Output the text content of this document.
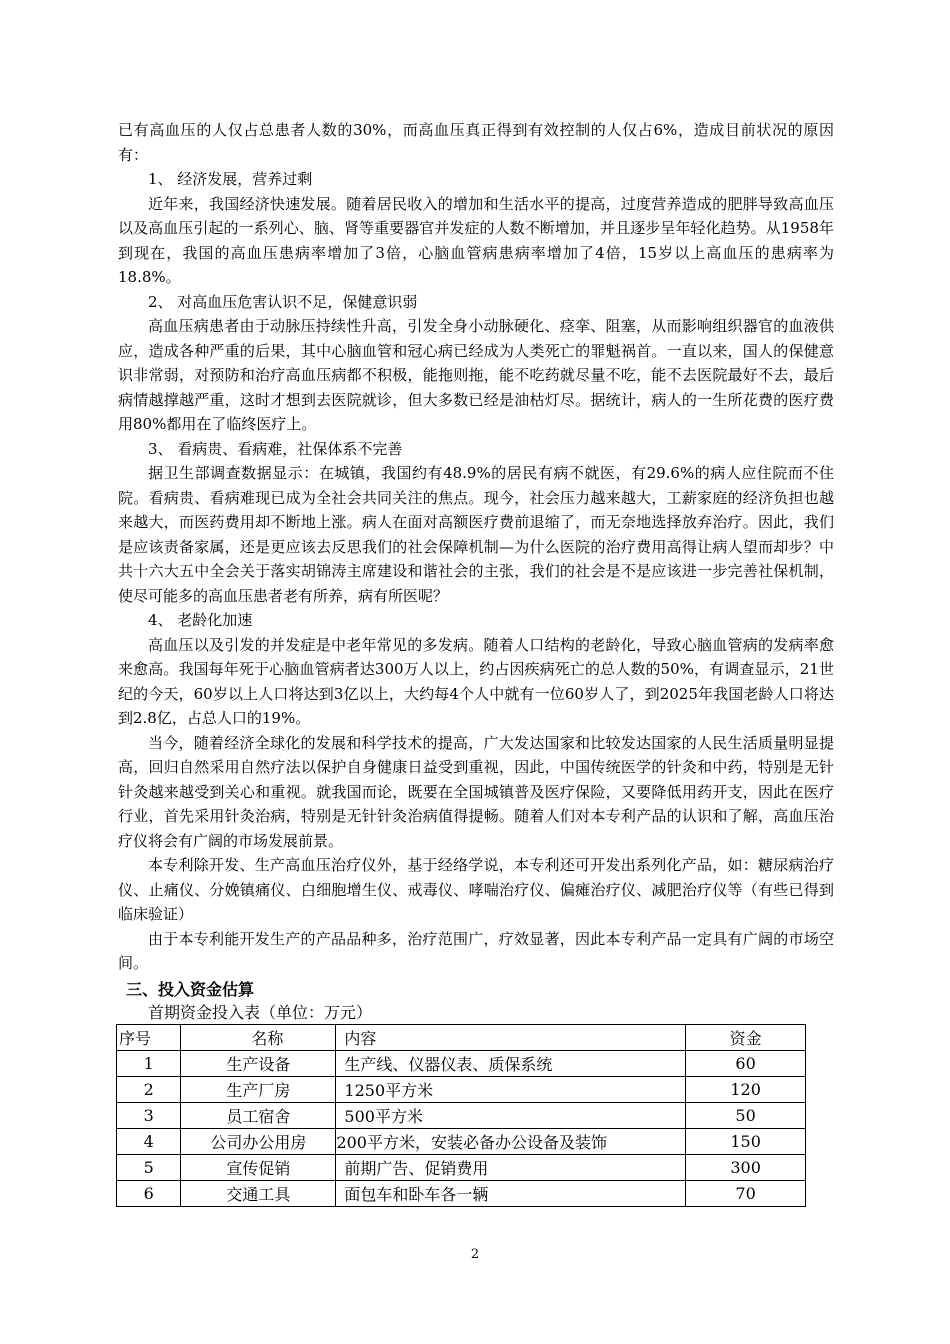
已有高血压的人仅占总患者人数的30%，而高血压真正得到有效控制的人仅占6%，造成目前状况的原因有：

1、 经济发展，营养过剩

近年来，我国经济快速发展。随着居民收入的增加和生活水平的提高，过度营养造成的肥胖导致高血压以及高血压引起的一系列心、脑、肾等重要器官并发症的人数不断增加，并且逐步呈年轻化趋势。从1958年到现在，我国的高血压患病率增加了3倍，心脑血管病患病率增加了4倍，15岁以上高血压的患病率为18.8%。

2、 对高血压危害认识不足，保健意识弱

高血压病患者由于动脉压持续性升高，引发全身小动脉硬化、痉挛、阻塞，从而影响组织器官的血液供应，造成各种严重的后果，其中心脑血管和冠心病已经成为人类死亡的罪魁祸首。一直以来，国人的保健意识非常弱，对预防和治疗高血压病都不积极，能拖则拖，能不吃药就尽量不吃，能不去医院最好不去，最后病情越撑越严重，这时才想到去医院就诊，但大多数已经是油枯灯尽。据统计，病人的一生所花费的医疗费用80%都用在了临终医疗上。

3、 看病贵、看病难，社保体系不完善

据卫生部调查数据显示：在城镇，我国约有48.9%的居民有病不就医，有29.6%的病人应住院而不住院。看病贵、看病难现已成为全社会共同关注的焦点。现今，社会压力越来越大，工薪家庭的经济负担也越来越大，而医药费用却不断地上涨。病人在面对高额医疗费前退缩了，而无奈地选择放弃治疗。因此，我们是应该责备家属，还是更应该去反思我们的社会保障机制—为什么医院的治疗费用高得让病人望而却步？中共十六大五中全会关于落实胡锦涛主席建设和谐社会的主张，我们的社会是不是应该进一步完善社保机制，使尽可能多的高血压患者老有所养，病有所医呢？

4、 老龄化加速

高血压以及引发的并发症是中老年常见的多发病。随着人口结构的老龄化，导致心脑血管病的发病率愈来愈高。我国每年死于心脑血管病者达300万人以上，约占因疾病死亡的总人数的50%，有调查显示，21世纪的今天，60岁以上人口将达到3亿以上，大约每4个人中就有一位60岁人了，到2025年我国老龄人口将达到2.8亿，占总人口的19%。

当今，随着经济全球化的发展和科学技术的提高，广大发达国家和比较发达国家的人民生活质量明显提高，回归自然采用自然疗法以保护自身健康日益受到重视，因此，中国传统医学的针灸和中药，特别是无针针灸越来越受到关心和重视。就我国而论，既要在全国城镇普及医疗保险，又要降低用药开支，因此在医疗行业，首先采用针灸治病，特别是无针针灸治病值得提畅。随着人们对本专利产品的认识和了解，高血压治疗仪将会有广阔的市场发展前景。

本专利除开发、生产高血压治疗仪外，基于经络学说，本专利还可开发出系列化产品，如：糖尿病治疗仪、止痛仪、分娩镇痛仪、白细胞增生仪、戒毒仪、哮喘治疗仪、偏瘫治疗仪、减肥治疗仪等（有些已得到临床验证）

由于本专利能开发生产的产品品种多，治疗范围广，疗效显著，因此本专利产品一定具有广阔的市场空间。

三、投入资金估算

首期资金投入表（单位：万元）

序号	名称	内容	资金
1	生产设备	生产线、仪器仪表、质保系统	60
2	生产厂房	1250平方米	120
3	员工宿舍	500平方米	50
4	公司办公用房	200平方米，安装必备办公设备及装饰	150
5	宣传促销	前期广告、促销费用	300
6	交通工具	面包车和卧车各一辆	70
2
